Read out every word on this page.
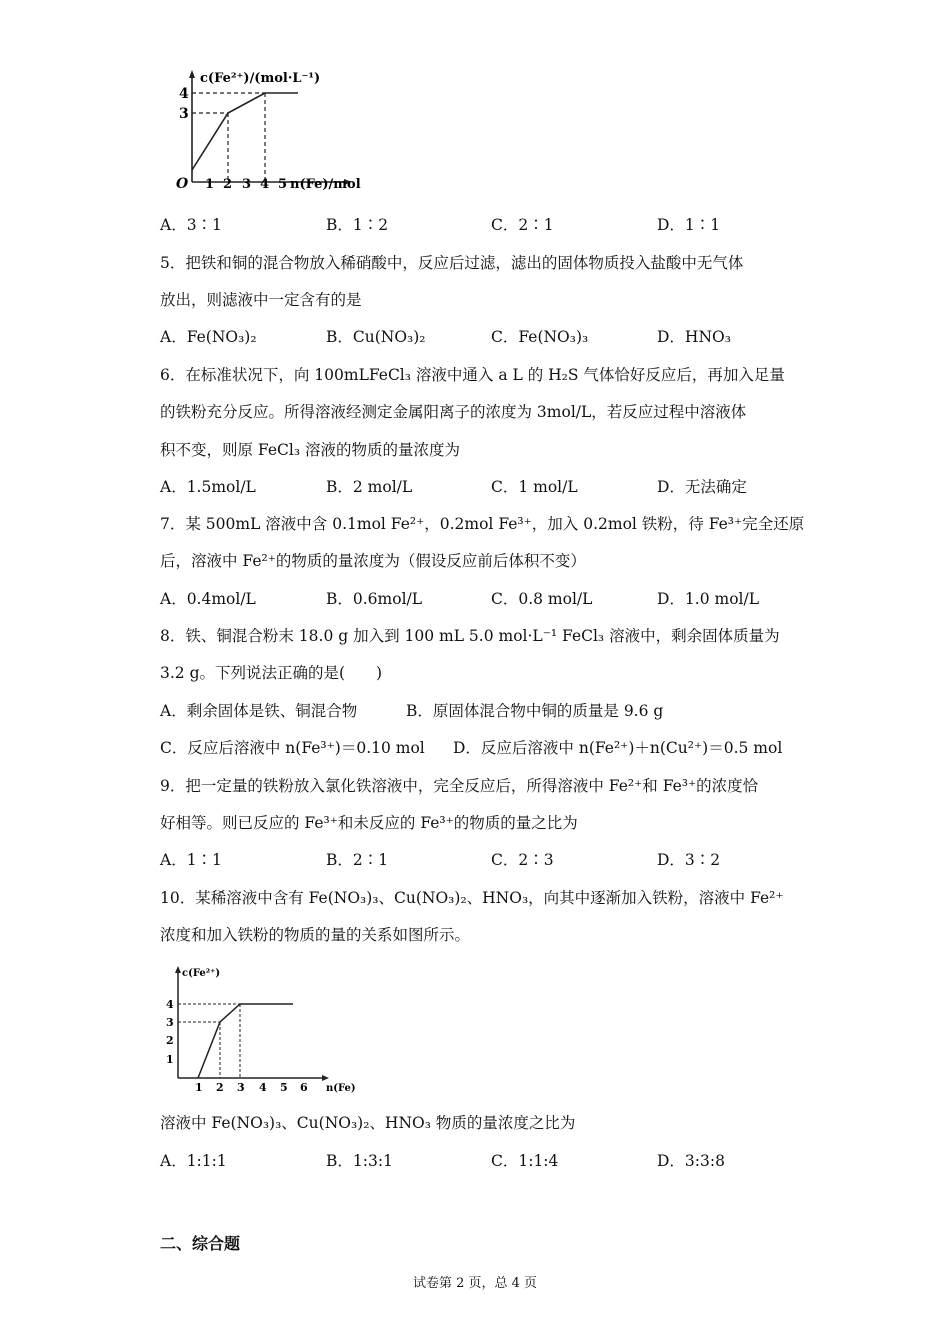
c(Fe²⁺)/(mol·L⁻¹)
4
3
O 1 2 3 4 5 n(Fe)/mol
A．3∶1	B．1∶2	C．2∶1	D．1∶1
5．把铁和铜的混合物放入稀硝酸中，反应后过滤，滤出的固体物质投入盐酸中无气体
放出，则滤液中一定含有的是
A．Fe(NO₃)₂	B．Cu(NO₃)₂	C．Fe(NO₃)₃	D．HNO₃
6．在标准状况下，向 100mLFeCl₃ 溶液中通入 a L 的 H₂S 气体恰好反应后，再加入足量
的铁粉充分反应。所得溶液经测定金属阳离子的浓度为 3mol/L，若反应过程中溶液体
积不变，则原 FeCl₃ 溶液的物质的量浓度为
A．1.5mol/L	B．2 mol/L	C．1 mol/L	D．无法确定
7．某 500mL 溶液中含 0.1mol Fe²⁺，0.2mol Fe³⁺，加入 0.2mol 铁粉，待 Fe³⁺完全还原
后，溶液中 Fe²⁺的物质的量浓度为（假设反应前后体积不变）
A．0.4mol/L	B．0.6mol/L	C．0.8 mol/L	D．1.0 mol/L
8．铁、铜混合粉末 18.0 g 加入到 100 mL 5.0 mol·L⁻¹ FeCl₃ 溶液中，剩余固体质量为
3.2 g。下列说法正确的是(　　)
A．剩余固体是铁、铜混合物	B．原固体混合物中铜的质量是 9.6 g
C．反应后溶液中 n(Fe³⁺)＝0.10 mol D．反应后溶液中 n(Fe²⁺)＋n(Cu²⁺)＝0.5 mol
9．把一定量的铁粉放入氯化铁溶液中，完全反应后，所得溶液中 Fe²⁺和 Fe³⁺的浓度恰
好相等。则已反应的 Fe³⁺和未反应的 Fe³⁺的物质的量之比为
A．1∶1	B．2∶1	C．2∶3	D．3∶2
10．某稀溶液中含有 Fe(NO₃)₃、Cu(NO₃)₂、HNO₃，向其中逐渐加入铁粉，溶液中 Fe²⁺
浓度和加入铁粉的物质的量的关系如图所示。
c(Fe²⁺)
4
3
2
1
1 2 3 4 5 6 n(Fe)
溶液中 Fe(NO₃)₃、Cu(NO₃)₂、HNO₃ 物质的量浓度之比为
A．1:1:1	B．1:3:1	C．1:1:4	D．3:3:8
二、综合题
试卷第 2 页，总 4 页
